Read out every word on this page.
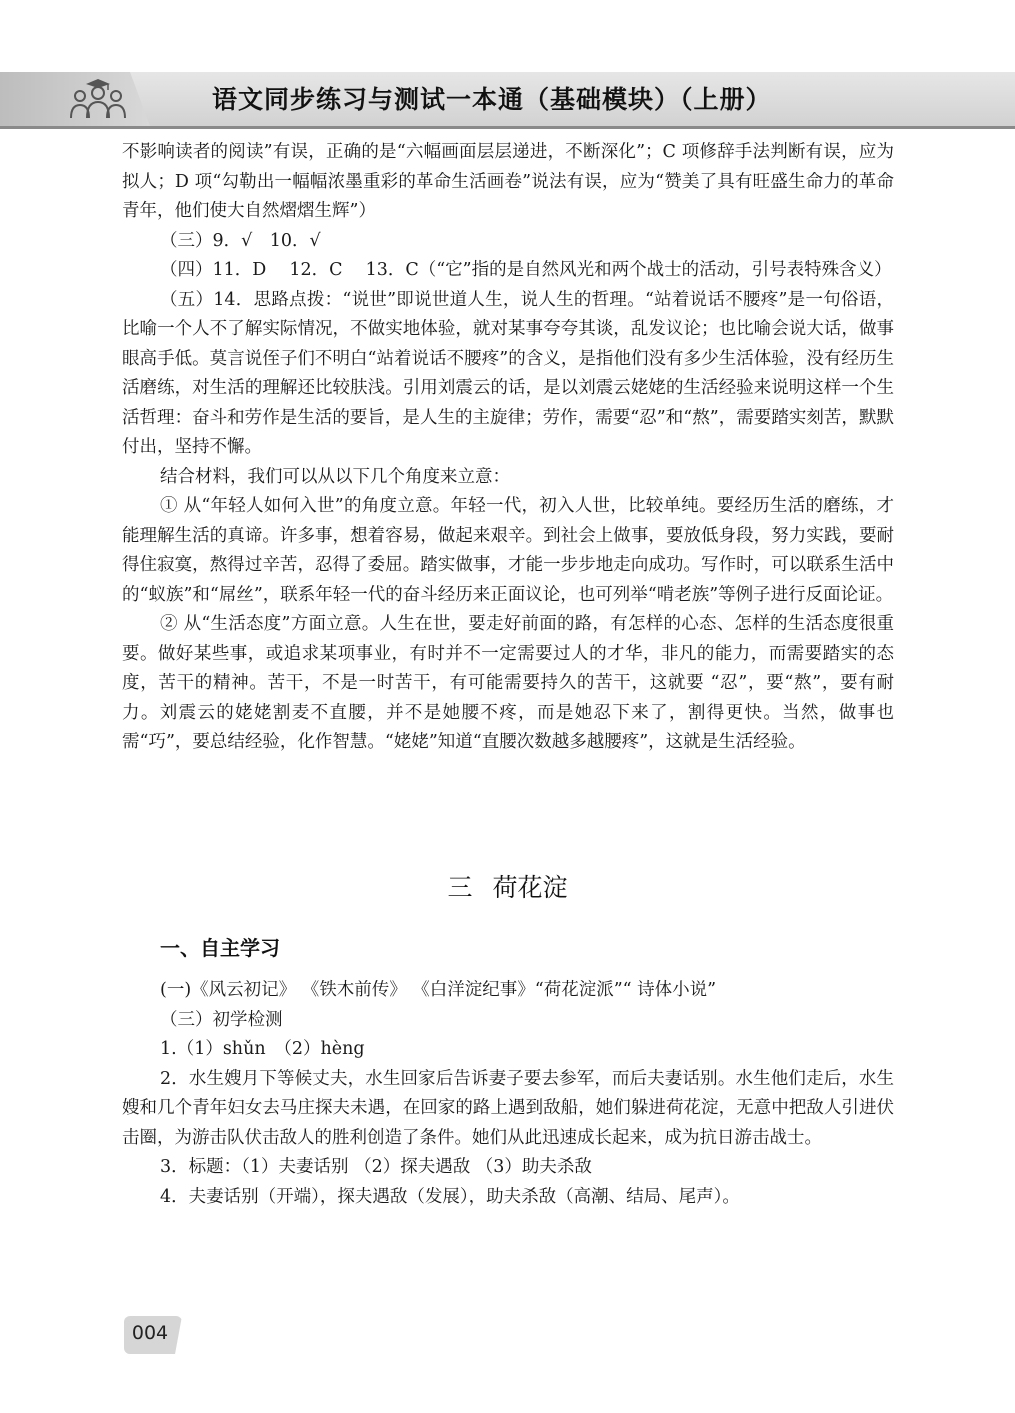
语文同步练习与测试一本通（基础模块）（上册）

不影响读者的阅读”有误，正确的是“六幅画面层层递进，不断深化”；C 项修辞手法判断有误，应为拟人；D 项“勾勒出一幅幅浓墨重彩的革命生活画卷”说法有误，应为“赞美了具有旺盛生命力的革命青年，他们使大自然熠熠生辉”）

（三）9．√　10．√

（四）11．D　 12．C　 13．C（“它”指的是自然风光和两个战士的活动，引号表特殊含义）

（五）14．思路点拨：“说世”即说世道人生，说人生的哲理。“站着说话不腰疼”是一句俗语，比喻一个人不了解实际情况，不做实地体验，就对某事夸夸其谈，乱发议论；也比喻会说大话，做事眼高手低。莫言说侄子们不明白“站着说话不腰疼”的含义，是指他们没有多少生活体验，没有经历生活磨练，对生活的理解还比较肤浅。引用刘震云的话，是以刘震云姥姥的生活经验来说明这样一个生活哲理：奋斗和劳作是生活的要旨，是人生的主旋律；劳作，需要“忍”和“熬”，需要踏实刻苦，默默付出，坚持不懈。

结合材料，我们可以从以下几个角度来立意：

① 从“年轻人如何入世”的角度立意。年轻一代，初入人世，比较单纯。要经历生活的磨练，才能理解生活的真谛。许多事，想着容易，做起来艰辛。到社会上做事，要放低身段，努力实践，要耐得住寂寞，熬得过辛苦，忍得了委屈。踏实做事，才能一步步地走向成功。写作时，可以联系生活中的“蚁族”和“屌丝”，联系年轻一代的奋斗经历来正面议论，也可列举“啃老族”等例子进行反面论证。

② 从“生活态度”方面立意。人生在世，要走好前面的路，有怎样的心态、怎样的生活态度很重要。做好某些事，或追求某项事业，有时并不一定需要过人的才华，非凡的能力，而需要踏实的态度，苦干的精神。苦干，不是一时苦干，有可能需要持久的苦干，这就要 “忍”，要“熬”，要有耐力。刘震云的姥姥割麦不直腰，并不是她腰不疼，而是她忍下来了，割得更快。当然，做事也需“巧”，要总结经验，化作智慧。“姥姥”知道“直腰次数越多越腰疼”，这就是生活经验。

三 荷花淀
一、自主学习

(一)《风云初记》 《铁木前传》 《白洋淀纪事》“荷花淀派”“ 诗体小说”

（三）初学检测

1.（1）shǔn　（2）hèng

2．水生嫂月下等候丈夫，水生回家后告诉妻子要去参军，而后夫妻话别。水生他们走后，水生嫂和几个青年妇女去马庄探夫未遇，在回家的路上遇到敌船，她们躲进荷花淀，无意中把敌人引进伏击圈，为游击队伏击敌人的胜利创造了条件。她们从此迅速成长起来，成为抗日游击战士。

3．标题：（1）夫妻话别 （2）探夫遇敌 （3）助夫杀敌

4．夫妻话别（开端），探夫遇敌（发展），助夫杀敌（高潮、结局、尾声）。

004
